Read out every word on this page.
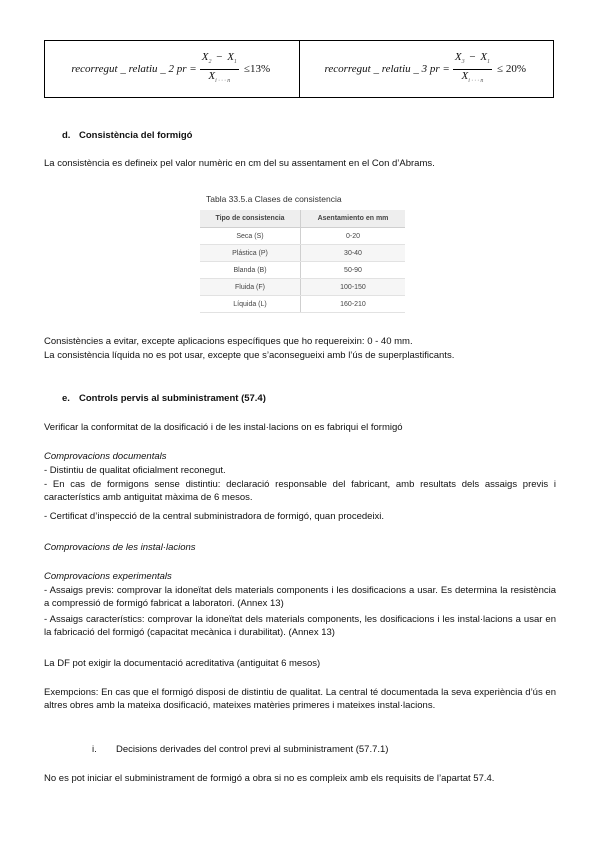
recorregut _ relatiu _ 2 pr = $\frac{X_2 - X_1}{X_{i \cdot \cdot \cdot n}} \le 13\%$	recorregut _ relatiu _ 3 pr = $\frac{X_3 - X_1}{X_{i \cdot \cdot \cdot n}} \le 20\%$
d. Consistència del formigó
La consistència es defineix pel valor numèric en cm del su assentament en el Con d’Abrams.
Tabla 33.5.a Clases de consistencia
Tipo de consistencia	Asentamiento en mm
Seca (S)	0-20
Plástica (P)	30-40
Blanda (B)	50-90
Fluida (F)	100-150
Líquida (L)	160-210
Consistències a evitar, excepte aplicacions específiques que ho requereixin: 0 - 40 mm.
La consistència líquida no es pot usar, excepte que s’aconsegueixi amb l’ús de superplastificants.
e. Controls pervis al subministrament (57.4)
Verificar la conformitat de la dosificació i de les instal·lacions on es fabriqui el formigó
Comprovacions documentals
- Distintiu de qualitat oficialment reconegut.
- En cas de formigons sense distintiu: declaració responsable del fabricant, amb resultats dels assaigs previs i característics amb antiguitat màxima de 6 mesos.
- Certificat d’inspecció de la central subministradora de formigó, quan procedeixi.
Comprovacions de les instal·lacions
Comprovacions experimentals
- Assaigs previs: comprovar la idoneïtat dels materials components i les dosificacions a usar. Es determina la resistència a compressió de formigó fabricat a laboratori. (Annex 13)
- Assaigs característics: comprovar la idoneïtat dels materials components, les dosificacions i les instal·lacions a usar en la fabricació del formigó (capacitat mecànica i durabilitat). (Annex 13)
La DF pot exigir la documentació acreditativa (antiguitat 6 mesos)
Exempcions: En cas que el formigó disposi de distintiu de qualitat. La central té documentada la seva experiència d’ús en altres obres amb la mateixa dosificació, mateixes matèries primeres i mateixes instal·lacions.
i. Decisions derivades del control previ al subministrament (57.7.1)
No es pot iniciar el subministrament de formigó a obra si no es compleix amb els requisits de l’apartat 57.4.
